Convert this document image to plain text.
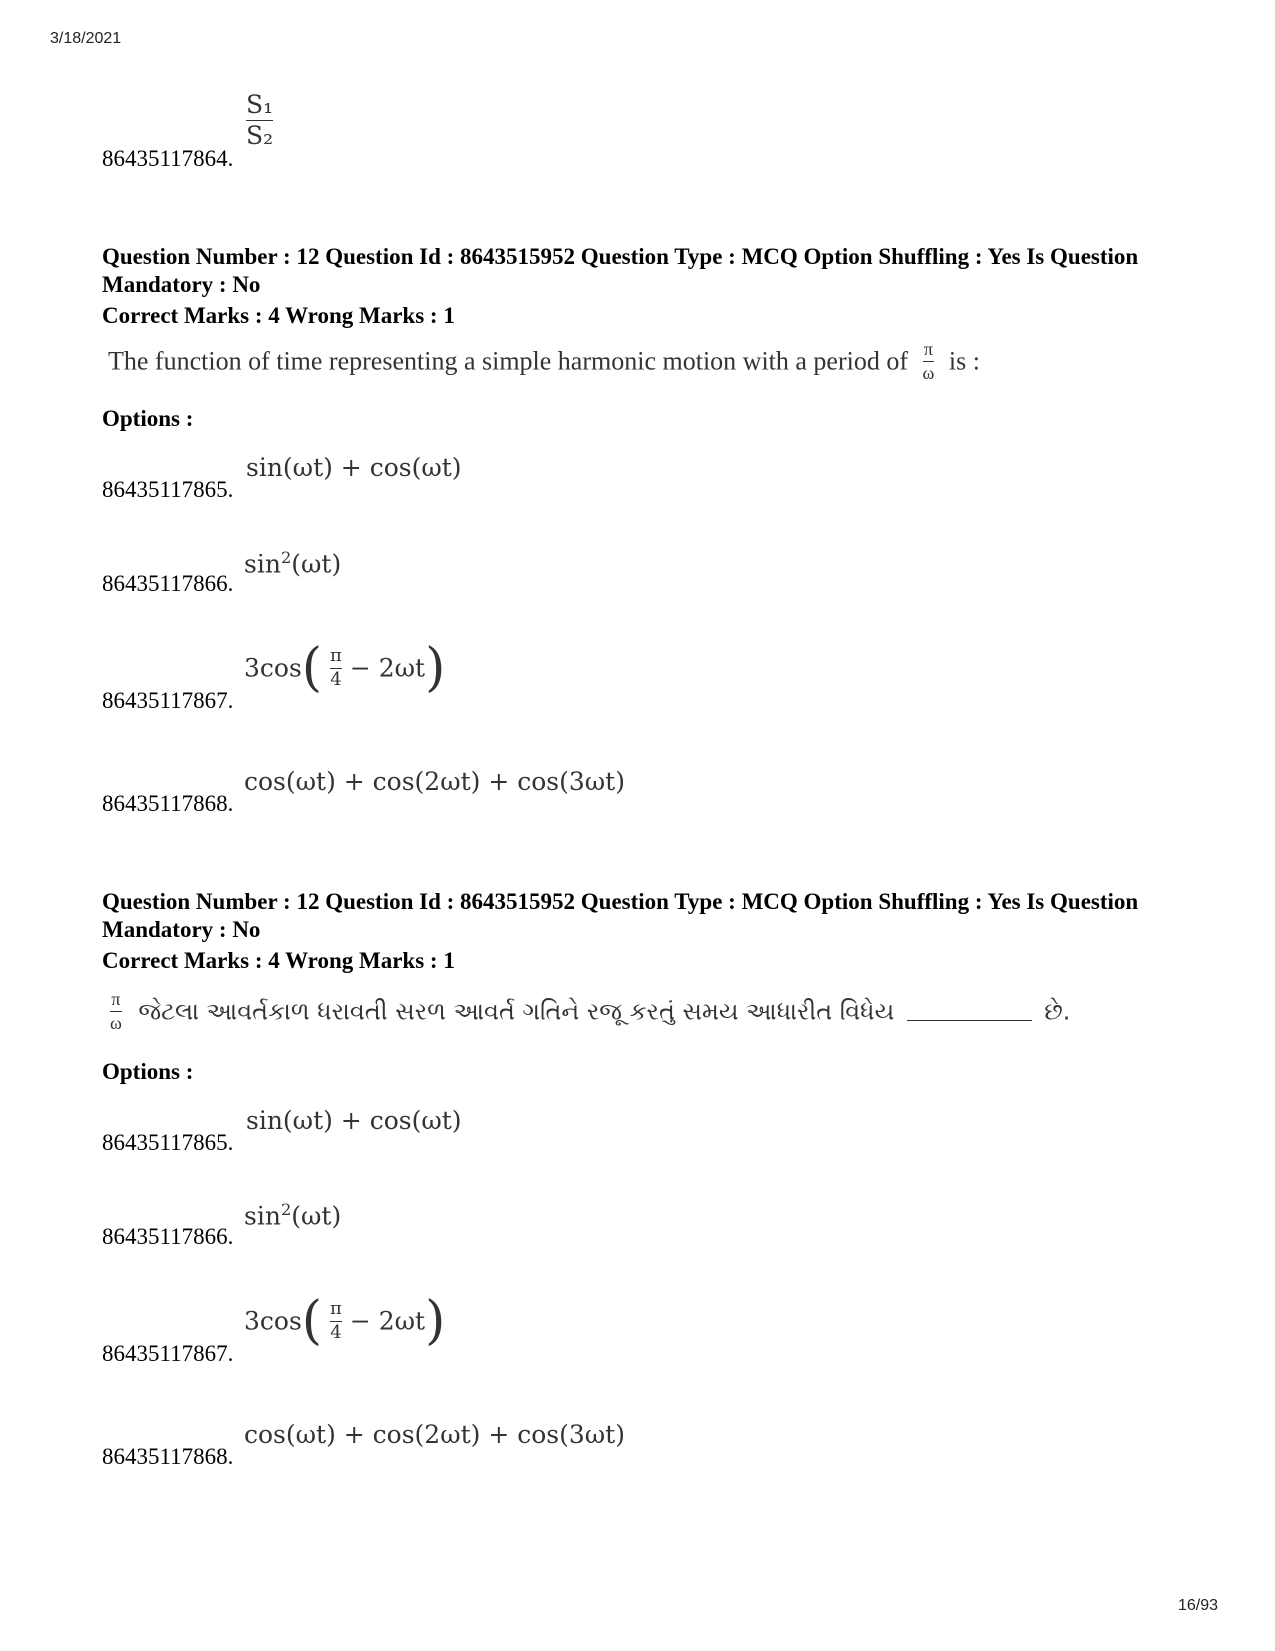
3/18/2021
16/93
86435117864.
$\frac{\text{S₁}}{\text{S₂}}$
Question Number : 12 Question Id : 8643515952 Question Type : MCQ Option Shuffling : Yes Is Question Mandatory : No
Correct Marks : 4 Wrong Marks : 1
The function of time representing a simple harmonic motion with a period of $\frac{\pi}{\omega}$ is :
Options :
86435117865.
sin(ωt) + cos(ωt)
86435117866.
$\sin^2(\omega t)$
86435117867.
$3\cos( \frac{\pi}{4} - 2\omega t)$
86435117868.
cos(ωt) + cos(2ωt) + cos(3ωt)
Question Number : 12 Question Id : 8643515952 Question Type : MCQ Option Shuffling : Yes Is Question Mandatory : No
Correct Marks : 4 Wrong Marks : 1
$\frac{\pi}{\omega}$ જેટલા આવર્તકાળ ધરાવતી સરળ આવર્ત ગતિને રજૂ કરતું સમય આધારીત વિધેય	છે.
Options :
86435117865.
sin(ωt) + cos(ωt)
86435117866.
$\sin^2(\omega t)$
86435117867.
$3\cos( \frac{\pi}{4} - 2\omega t)$
86435117868.
cos(ωt) + cos(2ωt) + cos(3ωt)
